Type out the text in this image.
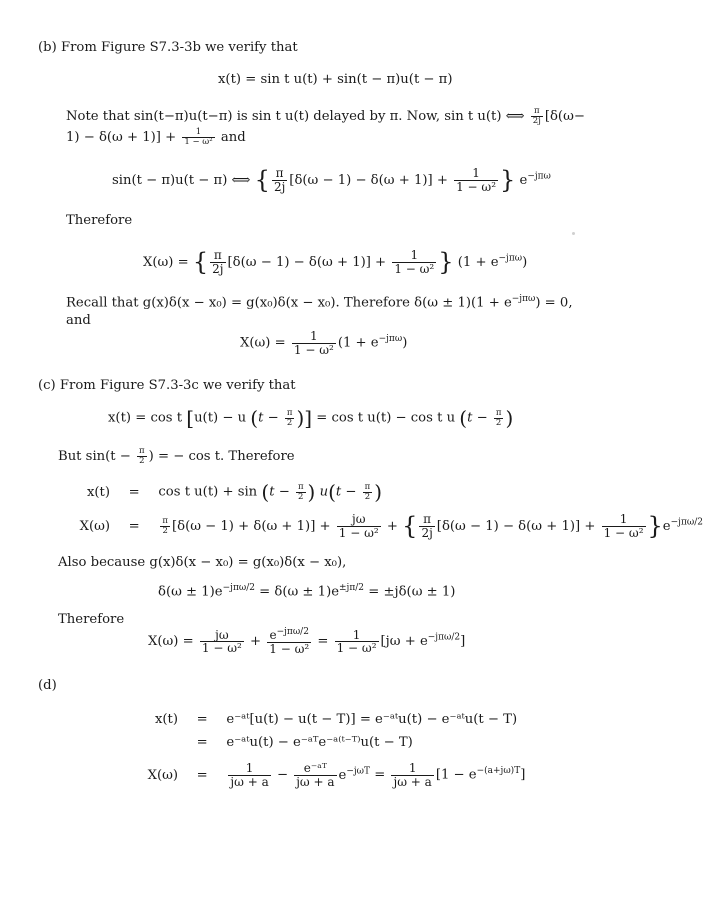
(b) From Figure S7.3-3b we verify that
x(t) = sin t u(t) + sin(t − π)u(t − π)
Note that sin(t−π)u(t−π) is sin t u(t) delayed by π. Now, sin t u(t) ⟺ $\frac{\pi}{2j} [\delta(\omega-$
$1) - \delta(\omega + 1)] + \frac{1}{\text{1 − ω²}}$ and
sin(t − π)u(t − π) ⟺ { $\frac{\pi}{2j} [\delta(\omega - 1) - \delta(\omega + 1)] + \frac{1}{\text{1 − ω²}}$ } $e^{-j\pi\omega}$
Therefore
X(ω) = { $\frac{\pi}{2j} [\delta(\omega - 1) - \delta(\omega + 1)] + \frac{1}{\text{1 − ω²}}$ } $(1 + e^{-j\pi\omega})$
Recall that g(x)δ(x − x₀) = g(x₀)δ(x − x₀). Therefore $\delta(\omega \pm 1)(1 + e^{-j\pi\omega}) = 0$,
and
$X(\omega) = \frac{1}{\text{1 − ω²}} (1 + e^{-j\pi\omega})$
(c) From Figure S7.3-3c we verify that
x(t) = cos t [u(t) − u ($t - \frac{\pi}{2}$ )] = cos t u(t) − cos t u ($t - \frac{\pi}{2}$ )
But $\sin(t - \frac{\pi}{2}$ ) = − cos t. Therefore
x(t) = cos t $u(t) + \sin (t - \frac{\pi}{2}$ ) $u(t - \frac{\pi}{2}$ )
$X(\omega) = \frac{\pi}{2} [\delta(\omega - 1) + \delta(\omega + 1)] + \frac{j\omega}{\text{1 − ω²}}$ + { $\frac{\pi}{2j} [\delta(\omega - 1) - \delta(\omega + 1)] + \frac{1}{\text{1 − ω²}} \}e^{-j\pi\omega/2}$
Also because g(x)δ(x − x₀) = g(x₀)δ(x − x₀),
$\delta(\omega \pm 1)e^{-j\pi\omega/2} = \delta(\omega \pm 1)e^{\pm j\pi/2} = \pm j\delta(\omega \pm 1)$
Therefore
$X(\omega) = \frac{j\omega}{\text{1 − ω²}} + \frac{e^{-j\pi\omega/2}}{\text{1 − ω²}} = \frac{1}{\text{1 − ω²}} [j\omega + e^{-j\pi\omega/2}]$
(d)
x(t) = e⁻ᵃᵗ[u(t) − u(t − T)] = e⁻ᵃᵗu(t) − e⁻ᵃᵗu(t − T)
= e⁻ᵃᵗu(t) − e⁻ᵃᵀe⁻ᵃ⁽ᵗ⁻ᵀ⁾u(t − T)
$X(\omega) = \frac{1}{j\omega + a} - \frac{\text{e⁻ᵃᵀ}}{j\omega + a} e^{-j\omega T} = \frac{1}{j\omega + a} [1 - e^{-(a+j\omega)T}]$
